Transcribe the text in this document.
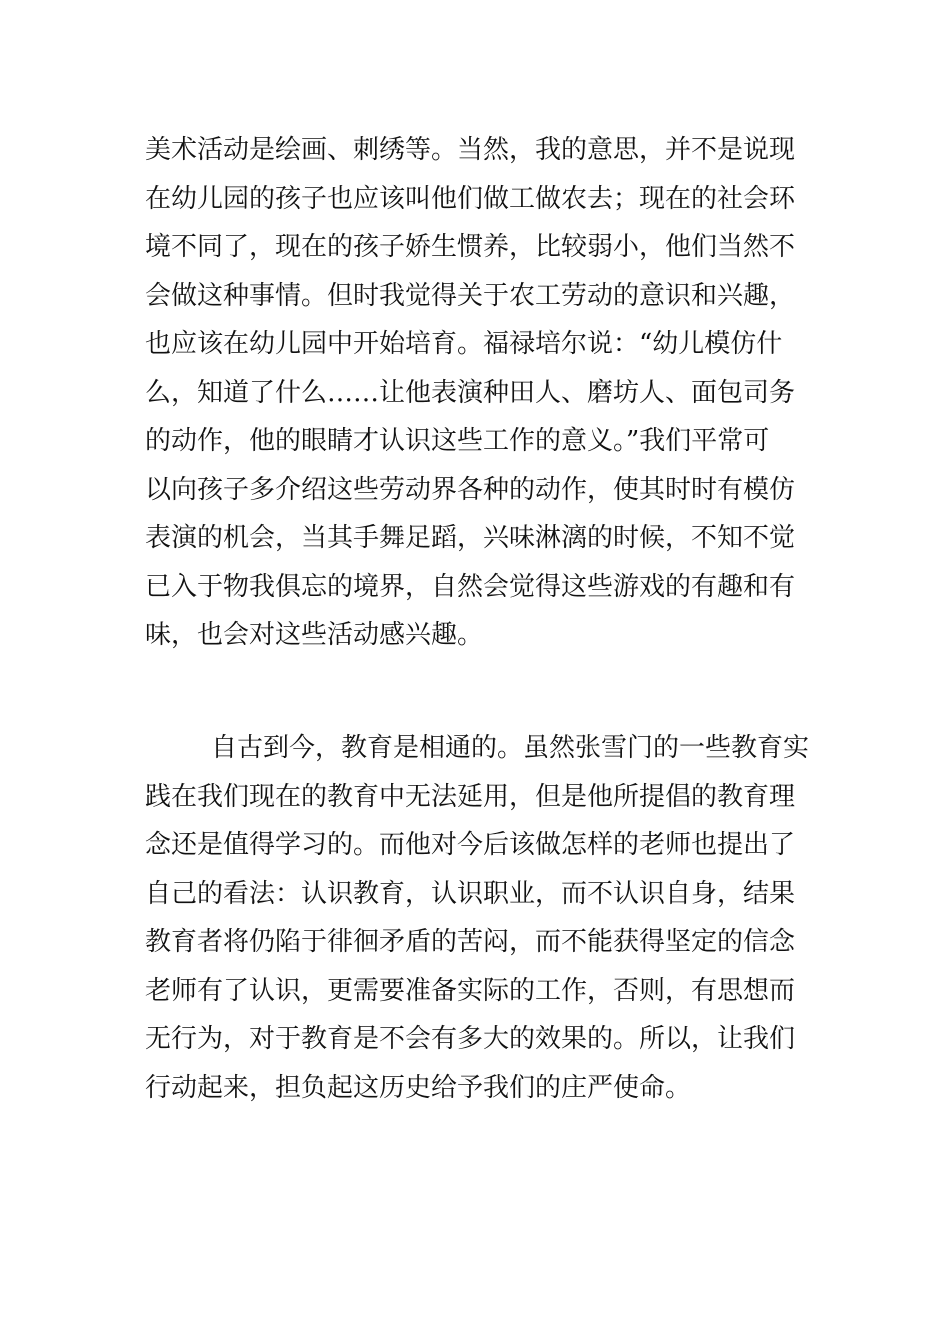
美术活动是绘画、刺绣等。当然，我的意思，并不是说现
在幼儿园的孩子也应该叫他们做工做农去；现在的社会环
境不同了，现在的孩子娇生惯养，比较弱小，他们当然不
会做这种事情。但时我觉得关于农工劳动的意识和兴趣，
也应该在幼儿园中开始培育。福禄培尔说：“幼儿模仿什
么，知道了什么……让他表演种田人、磨坊人、面包司务
的动作，他的眼睛才认识这些工作的意义。”我们平常可
以向孩子多介绍这些劳动界各种的动作，使其时时有模仿
表演的机会，当其手舞足蹈，兴味淋漓的时候，不知不觉
已入于物我俱忘的境界，自然会觉得这些游戏的有趣和有
味，也会对这些活动感兴趣。

自古到今，教育是相通的。虽然张雪门的一些教育实
践在我们现在的教育中无法延用，但是他所提倡的教育理
念还是值得学习的。而他对今后该做怎样的老师也提出了
自己的看法：认识教育，认识职业，而不认识自身，结果
教育者将仍陷于徘徊矛盾的苦闷，而不能获得坚定的信念
老师有了认识，更需要准备实际的工作，否则，有思想而
无行为，对于教育是不会有多大的效果的。所以，让我们
行动起来，担负起这历史给予我们的庄严使命。
